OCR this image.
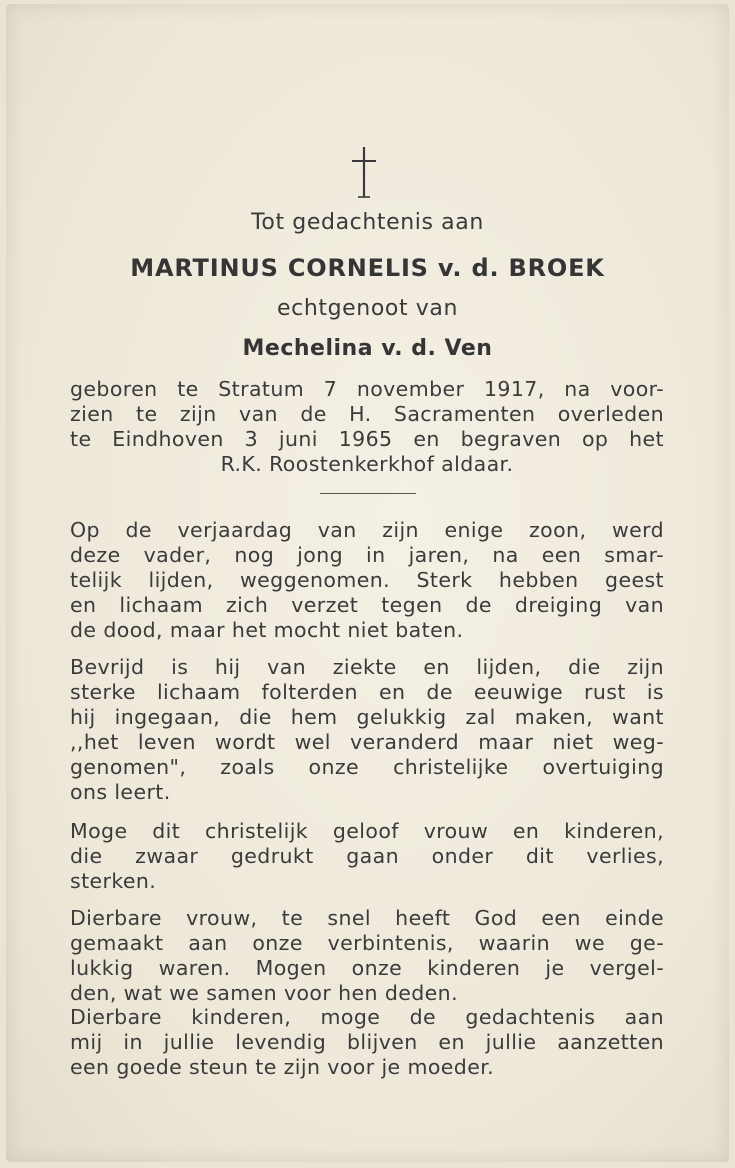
Tot gedachtenis aan
MARTINUS CORNELIS v. d. BROEK
echtgenoot van
Mechelina v. d. Ven
geboren te Stratum 7 november 1917, na voor-
zien te zijn van de H. Sacramenten overleden
te Eindhoven 3 juni 1965 en begraven op het
R.K. Roostenkerkhof aldaar.
Op de verjaardag van zijn enige zoon, werd
deze vader, nog jong in jaren, na een smar-
telijk lijden, weggenomen. Sterk hebben geest
en lichaam zich verzet tegen de dreiging van
de dood, maar het mocht niet baten.
Bevrijd is hij van ziekte en lijden, die zijn
sterke lichaam folterden en de eeuwige rust is
hij ingegaan, die hem gelukkig zal maken, want
,,het leven wordt wel veranderd maar niet weg-
genomen", zoals onze christelijke overtuiging
ons leert.
Moge dit christelijk geloof vrouw en kinderen,
die zwaar gedrukt gaan onder dit verlies,
sterken.
Dierbare vrouw, te snel heeft God een einde
gemaakt aan onze verbintenis, waarin we ge-
lukkig waren. Mogen onze kinderen je vergel-
den, wat we samen voor hen deden.
Dierbare kinderen, moge de gedachtenis aan
mij in jullie levendig blijven en jullie aanzetten
een goede steun te zijn voor je moeder.
